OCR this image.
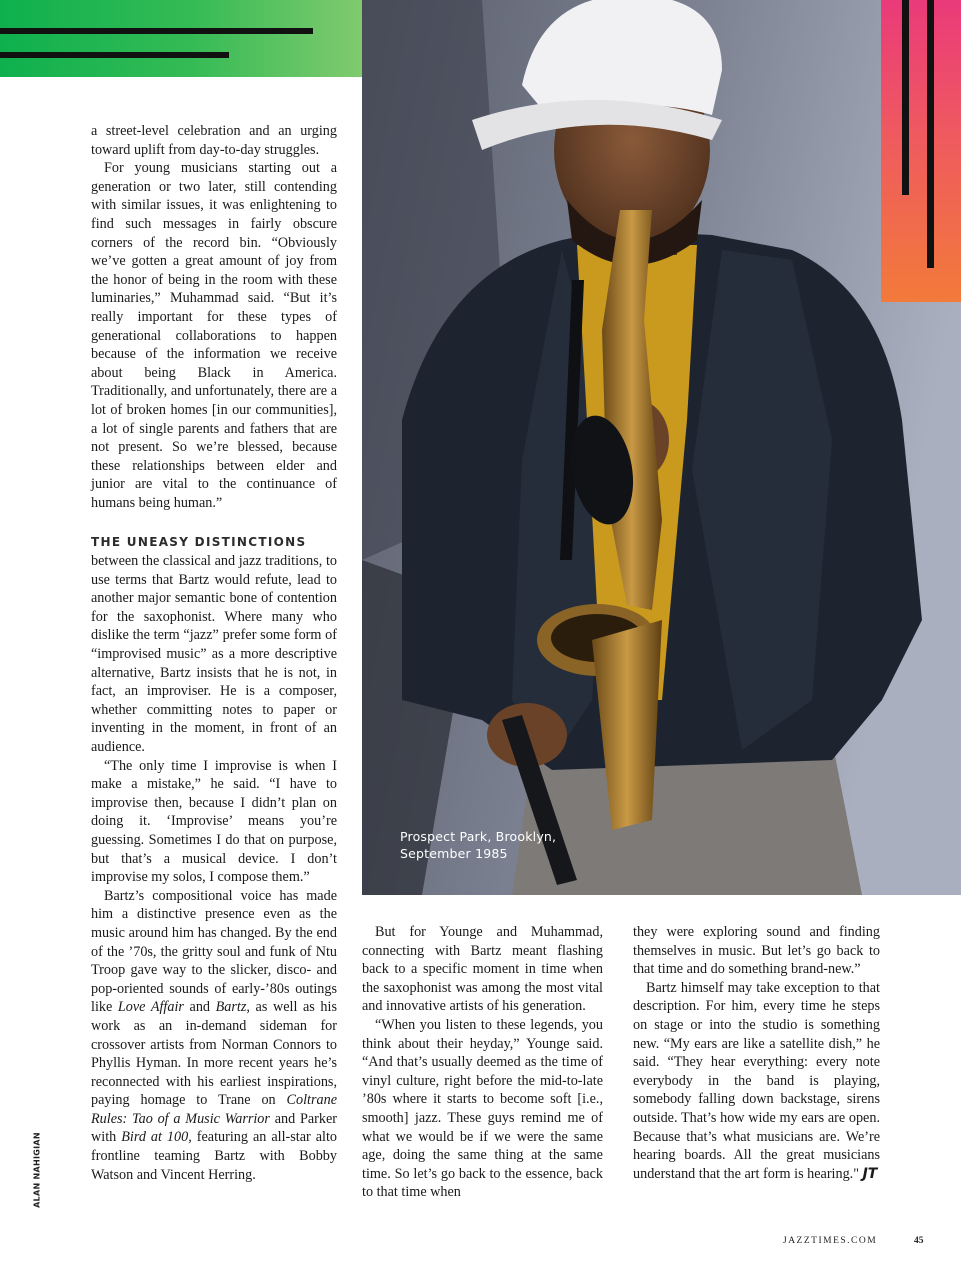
Prospect Park, Brooklyn,
September 1985

a street-level celebration and an urging toward uplift from day-to-day struggles.

For young musicians starting out a generation or two later, still contending with similar issues, it was enlightening to find such messages in fairly obscure corners of the record bin. “Obviously we’ve gotten a great amount of joy from the honor of being in the room with these luminaries,” Muhammad said. “But it’s really important for these types of generational collaborations to happen because of the information we receive about being Black in America. Traditionally, and unfortunately, there are a lot of broken homes [in our communities], a lot of single parents and fathers that are not present. So we’re blessed, because these relationships between elder and junior are vital to the continuance of humans being human.”

THE UNEASY DISTINCTIONS

between the classical and jazz traditions, to use terms that Bartz would refute, lead to another major semantic bone of contention for the saxophonist. Where many who dislike the term “jazz” prefer some form of “improvised music” as a more descriptive alternative, Bartz insists that he is not, in fact, an improviser. He is a composer, whether committing notes to paper or inventing in the moment, in front of an audience.

“The only time I improvise is when I make a mistake,” he said. “I have to improvise then, because I didn’t plan on doing it. ‘Improvise’ means you’re guessing. Sometimes I do that on purpose, but that’s a musical device. I don’t improvise my solos, I compose them.”

Bartz’s compositional voice has made him a distinctive presence even as the music around him has changed. By the end of the ’70s, the gritty soul and funk of Ntu Troop gave way to the slicker, disco- and pop-oriented sounds of early-’80s outings like Love Affair and Bartz, as well as his work as an in-demand sideman for crossover artists from Norman Connors to Phyllis Hyman. In more recent years he’s reconnected with his earliest inspirations, paying homage to Trane on Coltrane Rules: Tao of a Music Warrior and Parker with Bird at 100, featuring an all-star alto frontline teaming Bartz with Bobby Watson and Vincent Herring.

But for Younge and Muhammad, connecting with Bartz meant flashing back to a specific moment in time when the saxophonist was among the most vital and innovative artists of his generation.

“When you listen to these legends, you think about their heyday,” Younge said. “And that’s usually deemed as the time of vinyl culture, right before the mid-to-late ’80s where it starts to become soft [i.e., smooth] jazz. These guys remind me of what we would be if we were the same age, doing the same thing at the same time. So let’s go back to the essence, back to that time when

they were exploring sound and finding themselves in music. But let’s go back to that time and do something brand-new.”

Bartz himself may take exception to that description. For him, every time he steps on stage or into the studio is something new. “My ears are like a satellite dish,” he said. “They hear everything: every note everybody in the band is playing, somebody falling down backstage, sirens outside. That’s how wide my ears are open. Because that’s what musicians are. We’re hearing boards. All the great musicians understand that the art form is hearing." JT

ALAN NAHIGIAN
JAZZTIMES.COM	45
